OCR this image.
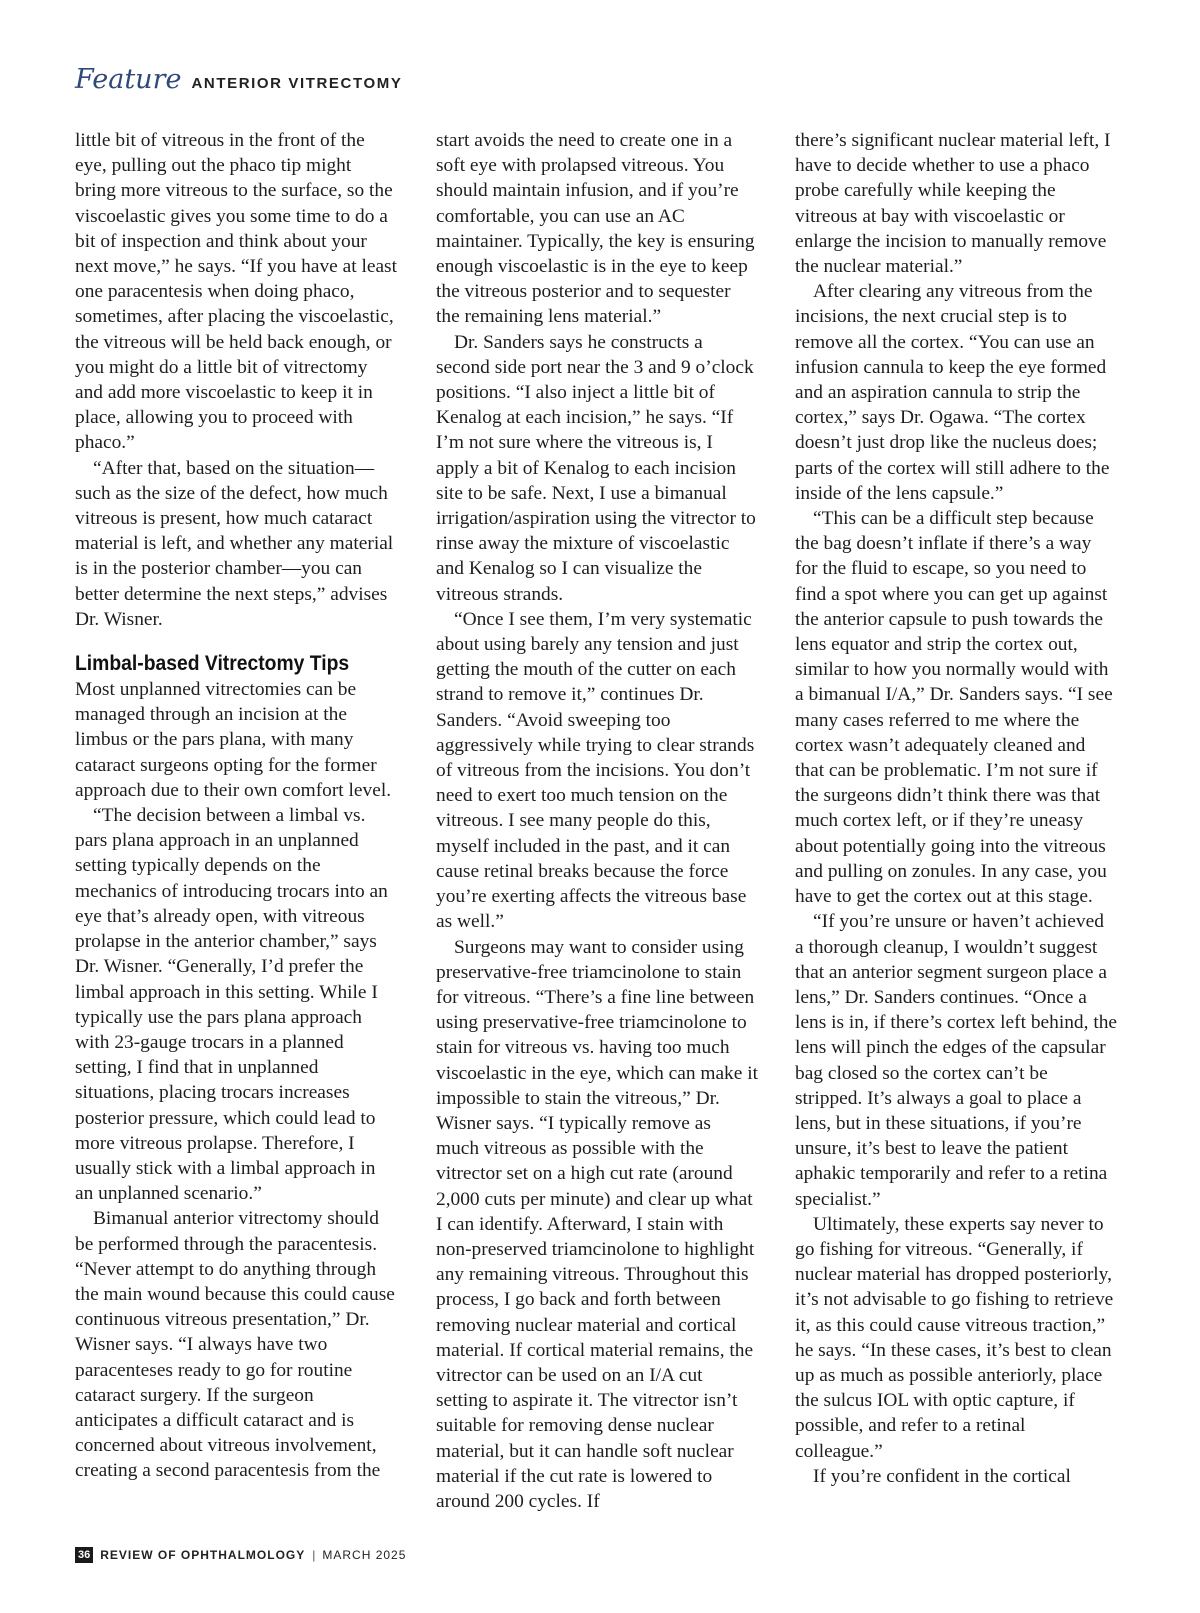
Feature ANTERIOR VITRECTOMY

little bit of vitreous in the front of the eye, pulling out the phaco tip might bring more vitreous to the surface, so the viscoelastic gives you some time to do a bit of inspection and think about your next move,” he says. “If you have at least one paracentesis when doing phaco, sometimes, after placing the viscoelastic, the vitreous will be held back enough, or you might do a little bit of vitrectomy and add more viscoelastic to keep it in place, allowing you to proceed with phaco.”

“After that, based on the situation—such as the size of the defect, how much vitreous is present, how much cataract material is left, and whether any material is in the posterior chamber—you can better determine the next steps,” advises Dr. Wisner.

Limbal-based Vitrectomy Tips

Most unplanned vitrectomies can be managed through an incision at the limbus or the pars plana, with many cataract surgeons opting for the former approach due to their own comfort level.

“The decision between a limbal vs. pars plana approach in an unplanned setting typically depends on the mechanics of introducing trocars into an eye that’s already open, with vitreous prolapse in the anterior chamber,” says Dr. Wisner. “Generally, I’d prefer the limbal approach in this setting. While I typically use the pars plana approach with 23-gauge trocars in a planned setting, I find that in unplanned situations, placing trocars increases posterior pressure, which could lead to more vitreous prolapse. Therefore, I usually stick with a limbal approach in an unplanned scenario.”

Bimanual anterior vitrectomy should be performed through the paracentesis. “Never attempt to do anything through the main wound because this could cause continuous vitreous presentation,” Dr. Wisner says. “I always have two paracenteses ready to go for routine cataract surgery. If the surgeon anticipates a difficult cataract and is concerned about vitreous involvement, creating a second paracentesis from the

start avoids the need to create one in a soft eye with prolapsed vitreous. You should maintain infusion, and if you’re comfortable, you can use an AC maintainer. Typically, the key is ensuring enough viscoelastic is in the eye to keep the vitreous posterior and to sequester the remaining lens material.”

Dr. Sanders says he constructs a second side port near the 3 and 9 o’clock positions. “I also inject a little bit of Kenalog at each incision,” he says. “If I’m not sure where the vitreous is, I apply a bit of Kenalog to each incision site to be safe. Next, I use a bimanual irrigation/aspiration using the vitrector to rinse away the mixture of viscoelastic and Kenalog so I can visualize the vitreous strands.

“Once I see them, I’m very systematic about using barely any tension and just getting the mouth of the cutter on each strand to remove it,” continues Dr. Sanders. “Avoid sweeping too aggressively while trying to clear strands of vitreous from the incisions. You don’t need to exert too much tension on the vitreous. I see many people do this, myself included in the past, and it can cause retinal breaks because the force you’re exerting affects the vitreous base as well.”

Surgeons may want to consider using preservative-free triamcinolone to stain for vitreous. “There’s a fine line between using preservative-free triamcinolone to stain for vitreous vs. having too much viscoelastic in the eye, which can make it impossible to stain the vitreous,” Dr. Wisner says. “I typically remove as much vitreous as possible with the vitrector set on a high cut rate (around 2,000 cuts per minute) and clear up what I can identify. Afterward, I stain with non-preserved triamcinolone to highlight any remaining vitreous. Throughout this process, I go back and forth between removing nuclear material and cortical material. If cortical material remains, the vitrector can be used on an I/A cut setting to aspirate it. The vitrector isn’t suitable for removing dense nuclear material, but it can handle soft nuclear material if the cut rate is lowered to around 200 cycles. If

there’s significant nuclear material left, I have to decide whether to use a phaco probe carefully while keeping the vitreous at bay with viscoelastic or enlarge the incision to manually remove the nuclear material.”

After clearing any vitreous from the incisions, the next crucial step is to remove all the cortex. “You can use an infusion cannula to keep the eye formed and an aspiration cannula to strip the cortex,” says Dr. Ogawa. “The cortex doesn’t just drop like the nucleus does; parts of the cortex will still adhere to the inside of the lens capsule.”

“This can be a difficult step because the bag doesn’t inflate if there’s a way for the fluid to escape, so you need to find a spot where you can get up against the anterior capsule to push towards the lens equator and strip the cortex out, similar to how you normally would with a bimanual I/A,” Dr. Sanders says. “I see many cases referred to me where the cortex wasn’t adequately cleaned and that can be problematic. I’m not sure if the surgeons didn’t think there was that much cortex left, or if they’re uneasy about potentially going into the vitreous and pulling on zonules. In any case, you have to get the cortex out at this stage.

“If you’re unsure or haven’t achieved a thorough cleanup, I wouldn’t suggest that an anterior segment surgeon place a lens,” Dr. Sanders continues. “Once a lens is in, if there’s cortex left behind, the lens will pinch the edges of the capsular bag closed so the cortex can’t be stripped. It’s always a goal to place a lens, but in these situations, if you’re unsure, it’s best to leave the patient aphakic temporarily and refer to a retina specialist.”

Ultimately, these experts say never to go fishing for vitreous. “Generally, if nuclear material has dropped posteriorly, it’s not advisable to go fishing to retrieve it, as this could cause vitreous traction,” he says. “In these cases, it’s best to clean up as much as possible anteriorly, place the sulcus IOL with optic capture, if possible, and refer to a retinal colleague.”

If you’re confident in the cortical

36 REVIEW OF OPHTHALMOLOGY | MARCH 2025
